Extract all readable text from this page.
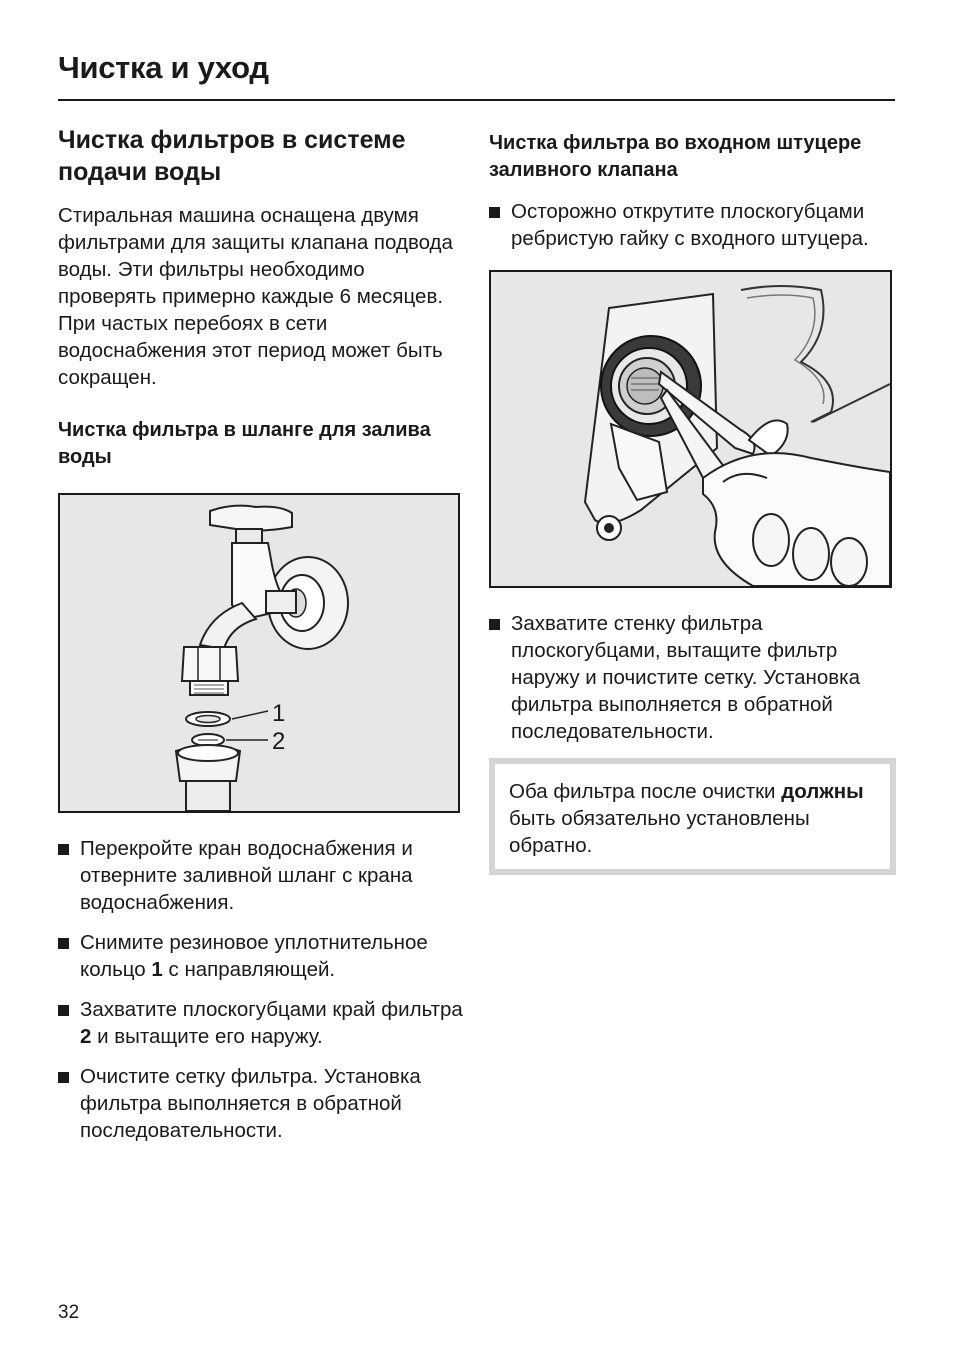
Чистка и уход
Чистка фильтров в системе подачи воды

Стиральная машина оснащена двумя фильтрами для защиты клапана подвода воды. Эти фильтры необходимо проверять примерно каждые 6 месяцев. При частых перебоях в сети водоснабжения этот период может быть сокращен.

Чистка фильтра в шланге для залива воды
1
2
Перекройте кран водоснабжения и отверните заливной шланг с крана водоснабжения.
Снимите резиновое уплотнительное кольцо 1 с направляющей.
Захватите плоскогубцами край фильтра 2 и вытащите его наружу.
Очистите сетку фильтра. Установка фильтра выполняется в обратной последовательности.
Чистка фильтра во входном штуцере заливного клапана
Осторожно открутите плоскогубцами ребристую гайку с входного штуцера.
Захватите стенку фильтра плоскогубцами, вытащите фильтр наружу и почистите сетку. Установка фильтра выполняется в обратной последовательности.
Оба фильтра после очистки должны быть обязательно установлены обратно.
32
